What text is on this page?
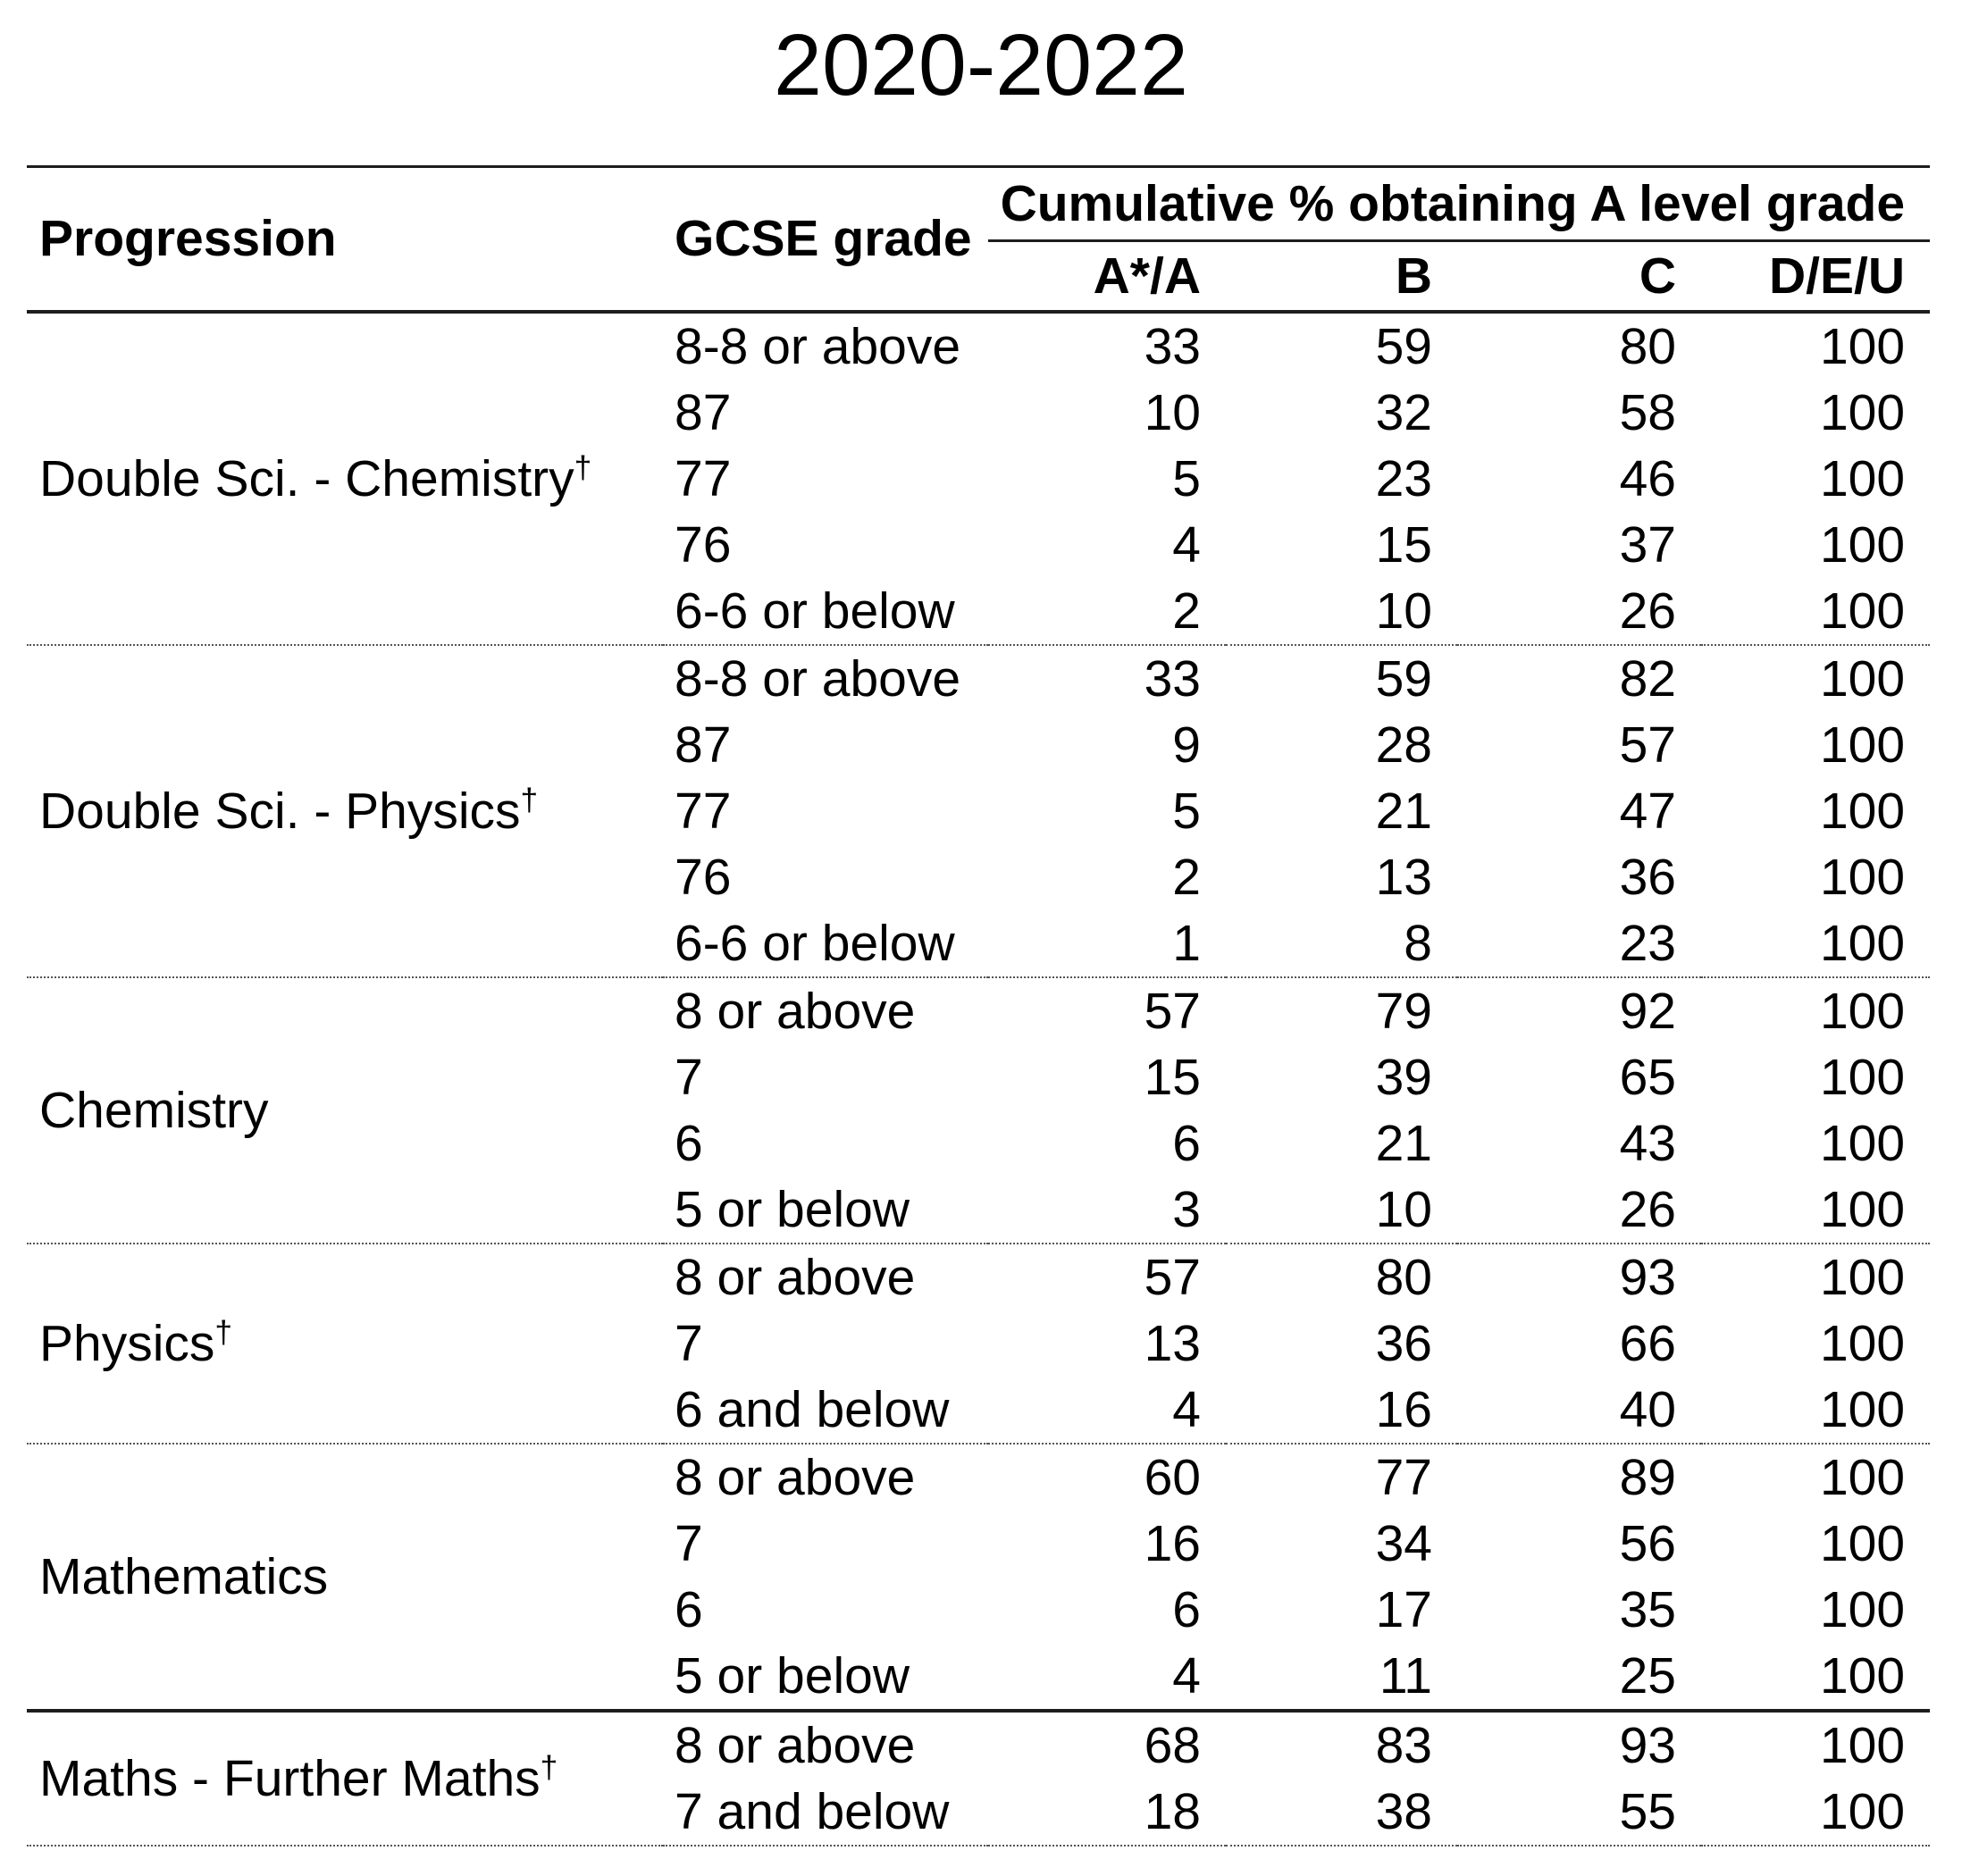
2020-2022
Progression	GCSE grade	Cumulative % obtaining A level grade			
		A*/A	B	C	D/E/U
Double Sci. - Chemistry†	8-8 or above	33	59	80	100
	87	10	32	58	100
	77	5	23	46	100
	76	4	15	37	100
	6-6 or below	2	10	26	100
Double Sci. - Physics†	8-8 or above	33	59	82	100
	87	9	28	57	100
	77	5	21	47	100
	76	2	13	36	100
	6-6 or below	1	8	23	100
Chemistry	8 or above	57	79	92	100
	7	15	39	65	100
	6	6	21	43	100
	5 or below	3	10	26	100
Physics†	8 or above	57	80	93	100
	7	13	36	66	100
	6 and below	4	16	40	100
Mathematics	8 or above	60	77	89	100
	7	16	34	56	100
	6	6	17	35	100
	5 or below	4	11	25	100
Maths - Further Maths†	8 or above	68	83	93	100
	7 and below	18	38	55	100
